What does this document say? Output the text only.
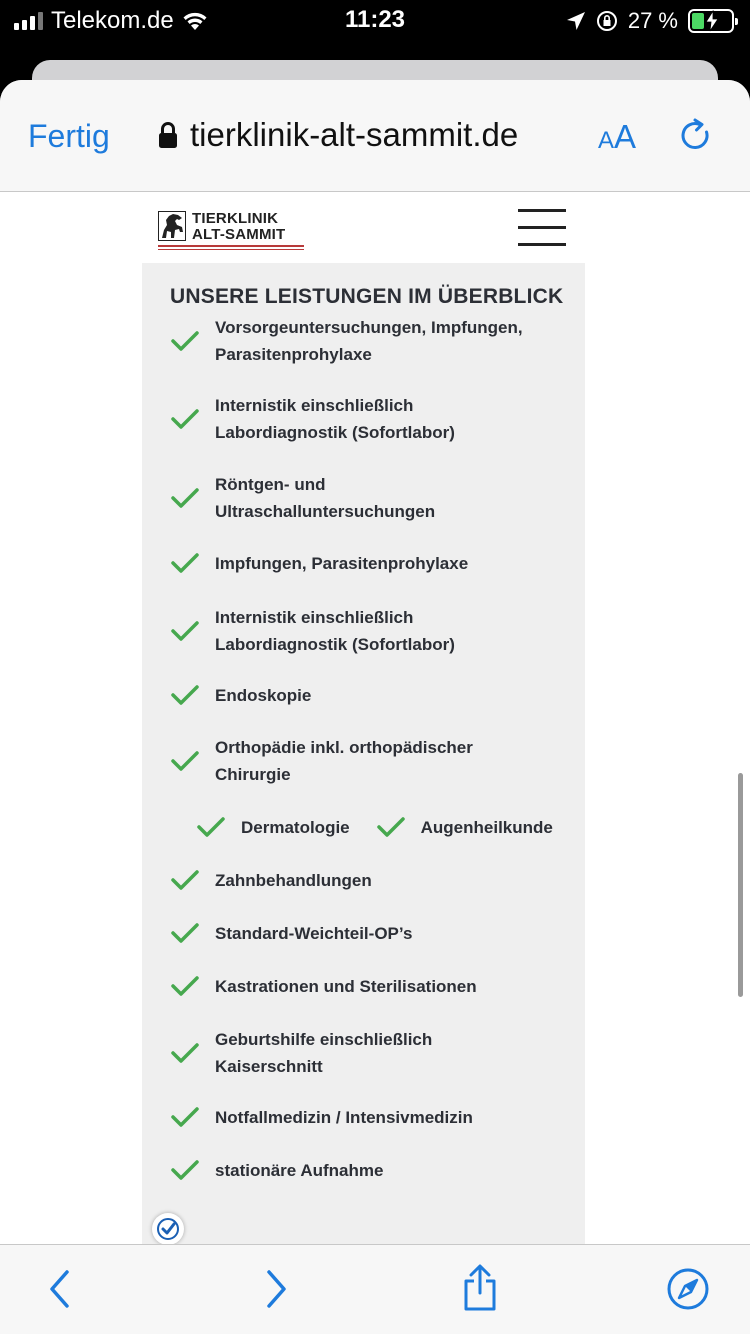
Telekom.de	11:23	27 %
Fertig tierklinik-alt-sammit.de	AA
TIERKLINIK
ALT-SAMMIT
UNSERE LEISTUNGEN IM ÜBERBLICK
Vorsorgeuntersuchungen, Impfungen,
Parasitenprohylaxe
Internistik einschließlich
Labordiagnostik (Sofortlabor)
Röntgen- und
Ultraschalluntersuchungen
Impfungen, Parasitenprohylaxe
Internistik einschließlich
Labordiagnostik (Sofortlabor)
Endoskopie
Orthopädie inkl. orthopädischer
Chirurgie
Dermatologie	Augenheilkunde
Zahnbehandlungen
Standard-Weichteil-OP’s
Kastrationen und Sterilisationen
Geburtshilfe einschließlich
Kaiserschnitt
Notfallmedizin / Intensivmedizin
stationäre Aufnahme
